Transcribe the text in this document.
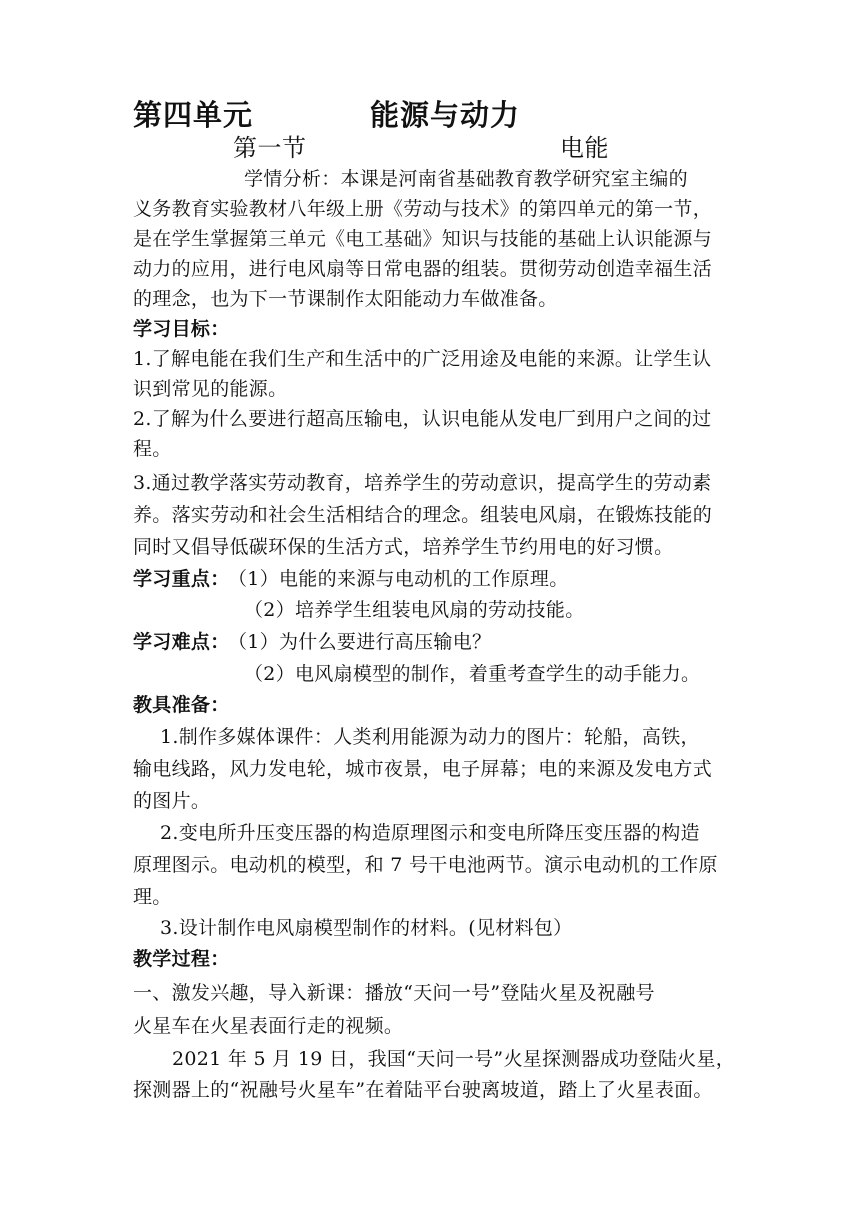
第四单元	能源与动力
第一节	电能
学情分析：本课是河南省基础教育教学研究室主编的
义务教育实验教材八年级上册《劳动与技术》的第四单元的第一节，
是在学生掌握第三单元《电工基础》知识与技能的基础上认识能源与
动力的应用，进行电风扇等日常电器的组装。贯彻劳动创造幸福生活
的理念，也为下一节课制作太阳能动力车做准备。
学习目标：
1.了解电能在我们生产和生活中的广泛用途及电能的来源。让学生认
识到常见的能源。
2.了解为什么要进行超高压输电，认识电能从发电厂到用户之间的过
程。
3.通过教学落实劳动教育，培养学生的劳动意识，提高学生的劳动素
养。落实劳动和社会生活相结合的理念。组装电风扇，在锻炼技能的
同时又倡导低碳环保的生活方式，培养学生节约用电的好习惯。
学习重点：
（1）电能的来源与电动机的工作原理。
（2）培养学生组装电风扇的劳动技能。
学习难点：
（1）为什么要进行高压输电？
（2）电风扇模型的制作，着重考查学生的动手能力。
教具准备：
1.制作多媒体课件：人类利用能源为动力的图片：轮船，高铁，
输电线路，风力发电轮，城市夜景，电子屏幕；电的来源及发电方式
的图片。
2.变电所升压变压器的构造原理图示和变电所降压变压器的构造
原理图示。电动机的模型，和 7 号干电池两节。演示电动机的工作原
理。
3.设计制作电风扇模型制作的材料。(见材料包）
教学过程：
一、激发兴趣，导入新课：播放“天问一号”登陆火星及祝融号
火星车在火星表面行走的视频。
2021 年 5 月 19 日，我国“天问一号”火星探测器成功登陆火星，
探测器上的“祝融号火星车”在着陆平台驶离坡道，踏上了火星表面。
